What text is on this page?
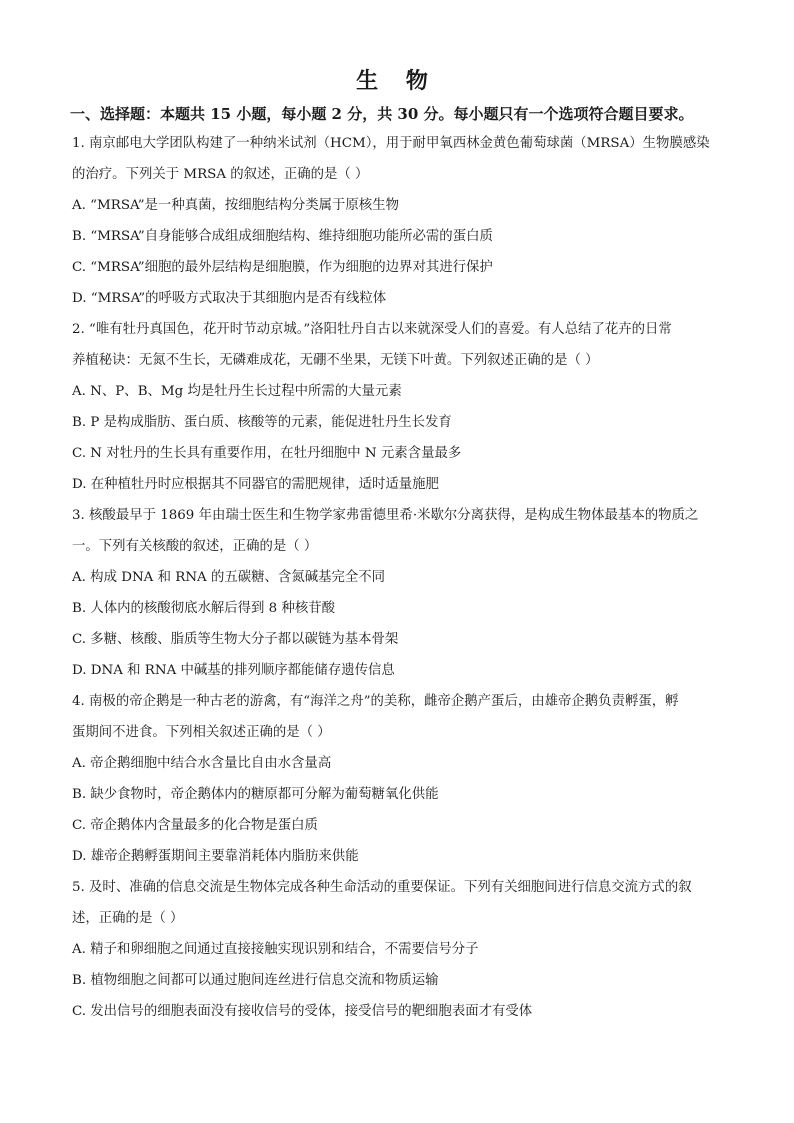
生 物
一、选择题：本题共 15 小题，每小题 2 分，共 30 分。每小题只有一个选项符合题目要求。
1. 南京邮电大学团队构建了一种纳米试剂（HCM），用于耐甲氧西林金黄色葡萄球菌（MRSA）生物膜感染
的治疗。下列关于 MRSA 的叙述，正确的是（ ）
A. “MRSA”是一种真菌，按细胞结构分类属于原核生物
B. “MRSA”自身能够合成组成细胞结构、维持细胞功能所必需的蛋白质
C. “MRSA”细胞的最外层结构是细胞膜，作为细胞的边界对其进行保护
D. “MRSA”的呼吸方式取决于其细胞内是否有线粒体
2. “唯有牡丹真国色，花开时节动京城。”洛阳牡丹自古以来就深受人们的喜爱。有人总结了花卉的日常
养植秘诀：无氮不生长，无磷难成花，无硼不坐果，无镁下叶黄。下列叙述正确的是（ ）
A. N、P、B、Mg 均是牡丹生长过程中所需的大量元素
B. P 是构成脂肪、蛋白质、核酸等的元素，能促进牡丹生长发育
C. N 对牡丹的生长具有重要作用，在牡丹细胞中 N 元素含量最多
D. 在种植牡丹时应根据其不同器官的需肥规律，适时适量施肥
3. 核酸最早于 1869 年由瑞士医生和生物学家弗雷德里希·米歇尔分离获得，是构成生物体最基本的物质之
一。下列有关核酸的叙述，正确的是（ ）
A. 构成 DNA 和 RNA 的五碳糖、含氮碱基完全不同
B. 人体内的核酸彻底水解后得到 8 种核苷酸
C. 多糖、核酸、脂质等生物大分子都以碳链为基本骨架
D. DNA 和 RNA 中碱基的排列顺序都能储存遗传信息
4. 南极的帝企鹅是一种古老的游禽，有“海洋之舟”的美称，雌帝企鹅产蛋后，由雄帝企鹅负责孵蛋，孵
蛋期间不进食。下列相关叙述正确的是（ ）
A. 帝企鹅细胞中结合水含量比自由水含量高
B. 缺少食物时，帝企鹅体内的糖原都可分解为葡萄糖氧化供能
C. 帝企鹅体内含量最多的化合物是蛋白质
D. 雄帝企鹅孵蛋期间主要靠消耗体内脂肪来供能
5. 及时、准确的信息交流是生物体完成各种生命活动的重要保证。下列有关细胞间进行信息交流方式的叙
述，正确的是（ ）
A. 精子和卵细胞之间通过直接接触实现识别和结合，不需要信号分子
B. 植物细胞之间都可以通过胞间连丝进行信息交流和物质运输
C. 发出信号的细胞表面没有接收信号的受体，接受信号的靶细胞表面才有受体
